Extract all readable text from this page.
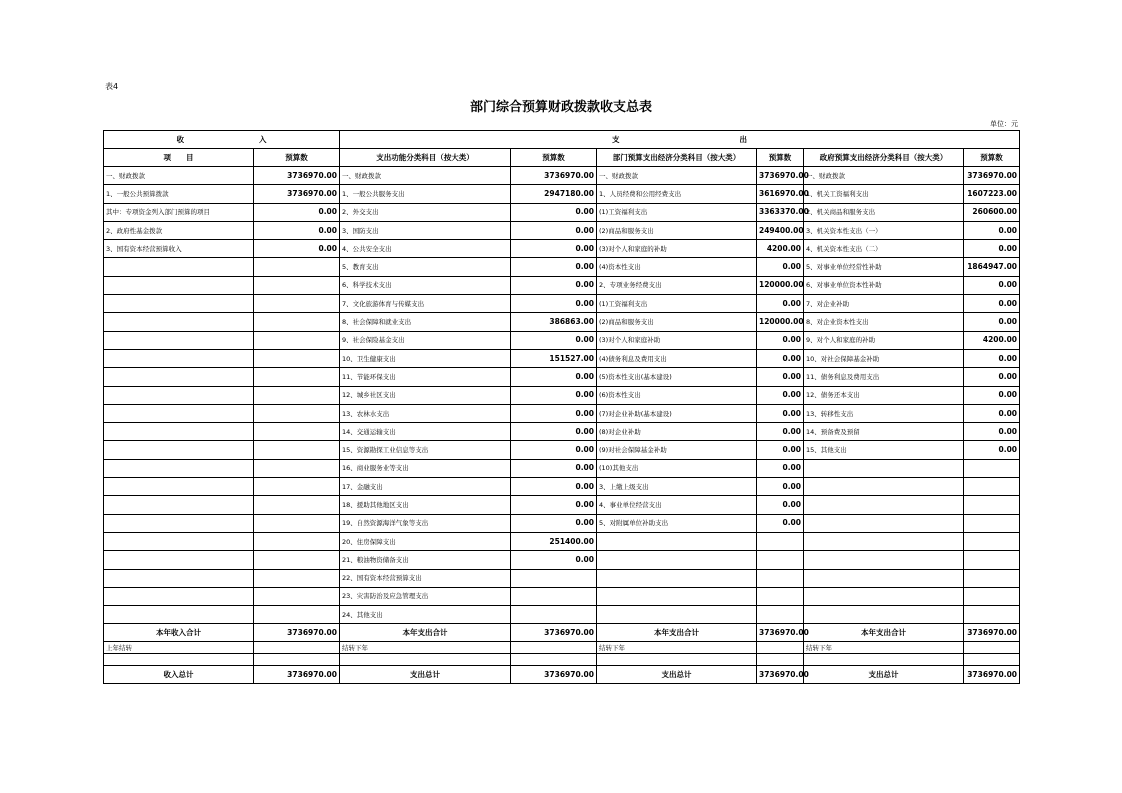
表4
部门综合预算财政拨款收支总表
单位：元
收　　　　　　　　　　入		支　　　　　　　　　　　　　　　　出					
项　　目	预算数	支出功能分类科目（按大类）	预算数	部门预算支出经济分类科目（按大类）	预算数	政府预算支出经济分类科目（按大类）	预算数
一、财政拨款	3736970.00	一、财政拨款	3736970.00	一、财政拨款	3736970.00	一、财政拨款	3736970.00
1、一般公共预算拨款	3736970.00	1、一般公共服务支出	2947180.00	1、人员经费和公用经费支出	3616970.00	1、机关工资福利支出	1607223.00
其中：专项资金列入部门预算的项目	0.00	2、外交支出	0.00	(1)工资福利支出	3363370.00	2、机关商品和服务支出	260600.00
2、政府性基金拨款	0.00	3、国防支出	0.00	(2)商品和服务支出	249400.00	3、机关资本性支出（一）	0.00
3、国有资本经营预算收入	0.00	4、公共安全支出	0.00	(3)对个人和家庭的补助	4200.00	4、机关资本性支出（二）	0.00
		5、教育支出	0.00	(4)资本性支出	0.00	5、对事业单位经常性补助	1864947.00
		6、科学技术支出	0.00	2、专项业务经费支出	120000.00	6、对事业单位资本性补助	0.00
		7、文化旅游体育与传媒支出	0.00	(1)工资福利支出	0.00	7、对企业补助	0.00
		8、社会保障和就业支出	386863.00	(2)商品和服务支出	120000.00	8、对企业资本性支出	0.00
		9、社会保险基金支出	0.00	(3)对个人和家庭补助	0.00	9、对个人和家庭的补助	4200.00
		10、卫生健康支出	151527.00	(4)债务利息及费用支出	0.00	10、对社会保障基金补助	0.00
		11、节能环保支出	0.00	(5)资本性支出(基本建设)	0.00	11、债务利息及费用支出	0.00
		12、城乡社区支出	0.00	(6)资本性支出	0.00	12、债务还本支出	0.00
		13、农林水支出	0.00	(7)对企业补助(基本建设)	0.00	13、转移性支出	0.00
		14、交通运输支出	0.00	(8)对企业补助	0.00	14、预备费及预留	0.00
		15、资源勘探工业信息等支出	0.00	(9)对社会保障基金补助	0.00	15、其他支出	0.00
		16、商业服务业等支出	0.00	(10)其他支出	0.00		
		17、金融支出	0.00	3、上缴上级支出	0.00		
		18、援助其他地区支出	0.00	4、事业单位经营支出	0.00		
		19、自然资源海洋气象等支出	0.00	5、对附属单位补助支出	0.00		
		20、住房保障支出	251400.00				
		21、粮油物资储备支出	0.00				
		22、国有资本经营预算支出					
		23、灾害防治及应急管理支出					
		24、其他支出					
本年收入合计	3736970.00	本年支出合计	3736970.00	本年支出合计	3736970.00	本年支出合计	3736970.00
上年结转		结转下年		结转下年		结转下年	

收入总计	3736970.00	支出总计	3736970.00	支出总计	3736970.00	支出总计	3736970.00
